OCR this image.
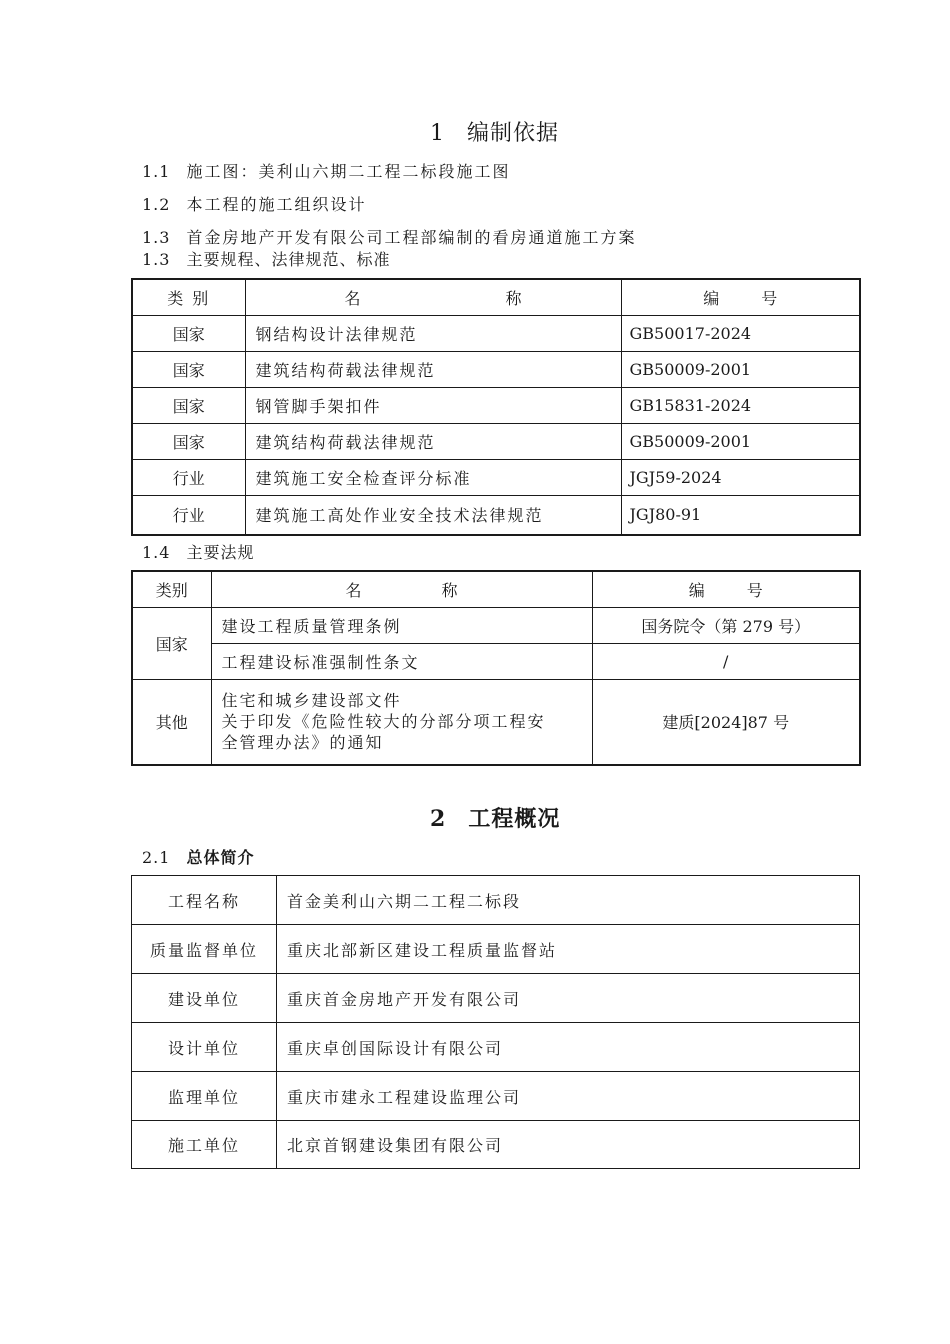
1 编制依据
1.1 施工图：美利山六期二工程二标段施工图
1.2 本工程的施工组织设计
1.3 首金房地产开发有限公司工程部编制的看房通道施工方案
1.3 主要规程、法律规范、标准
类 别	名 称	编 号
国家	钢结构设计法律规范	GB50017-2024
国家	建筑结构荷载法律规范	GB50009-2001
国家	钢管脚手架扣件	GB15831-2024
国家	建筑结构荷载法律规范	GB50009-2001
行业	建筑施工安全检查评分标准	JGJ59-2024
行业	建筑施工高处作业安全技术法律规范	JGJ80-91
1.4 主要法规
类别	名 称	编 号
国家	建设工程质量管理条例	国务院令（第 279 号）
	工程建设标准强制性条文	/
其他	住宅和城乡建设部文件
关于印发《危险性较大的分部分项工程安
全管理办法》的通知	建质[2024]87 号
2 工程概况
2.1 总体简介
工程名称	首金美利山六期二工程二标段
质量监督单位	重庆北部新区建设工程质量监督站
建设单位	重庆首金房地产开发有限公司
设计单位	重庆卓创国际设计有限公司
监理单位	重庆市建永工程建设监理公司
施工单位	北京首钢建设集团有限公司
